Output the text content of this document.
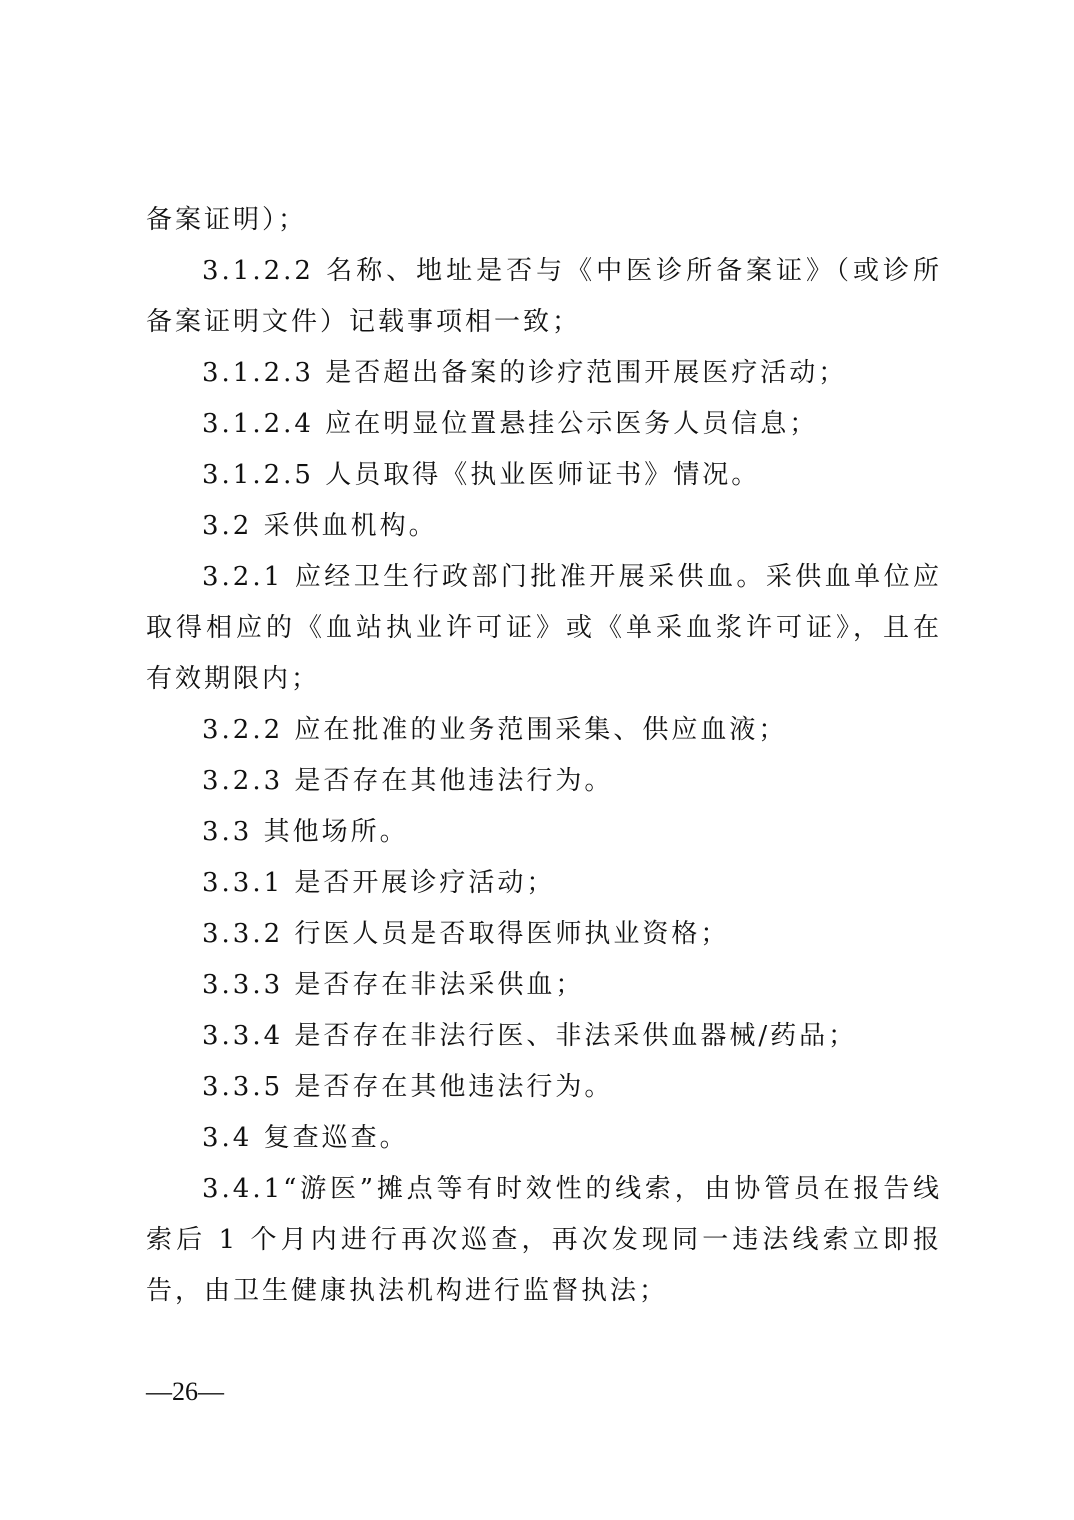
备案证明）；

3.1.2.2 名称、地址是否与《中医诊所备案证》（或诊所备案证明文件）记载事项相一致；

3.1.2.3 是否超出备案的诊疗范围开展医疗活动；

3.1.2.4 应在明显位置悬挂公示医务人员信息；

3.1.2.5 人员取得《执业医师证书》情况。

3.2 采供血机构。

3.2.1 应经卫生行政部门批准开展采供血。采供血单位应取得相应的《血站执业许可证》或《单采血浆许可证》，且在有效期限内；

3.2.2 应在批准的业务范围采集、供应血液；

3.2.3 是否存在其他违法行为。

3.3 其他场所。

3.3.1 是否开展诊疗活动；

3.3.2 行医人员是否取得医师执业资格；

3.3.3 是否存在非法采供血；

3.3.4 是否存在非法行医、非法采供血器械/药品；

3.3.5 是否存在其他违法行为。

3.4 复查巡查。

3.4.1“游医”摊点等有时效性的线索，由协管员在报告线索后 1 个月内进行再次巡查，再次发现同一违法线索立即报告，由卫生健康执法机构进行监督执法；

—26—
